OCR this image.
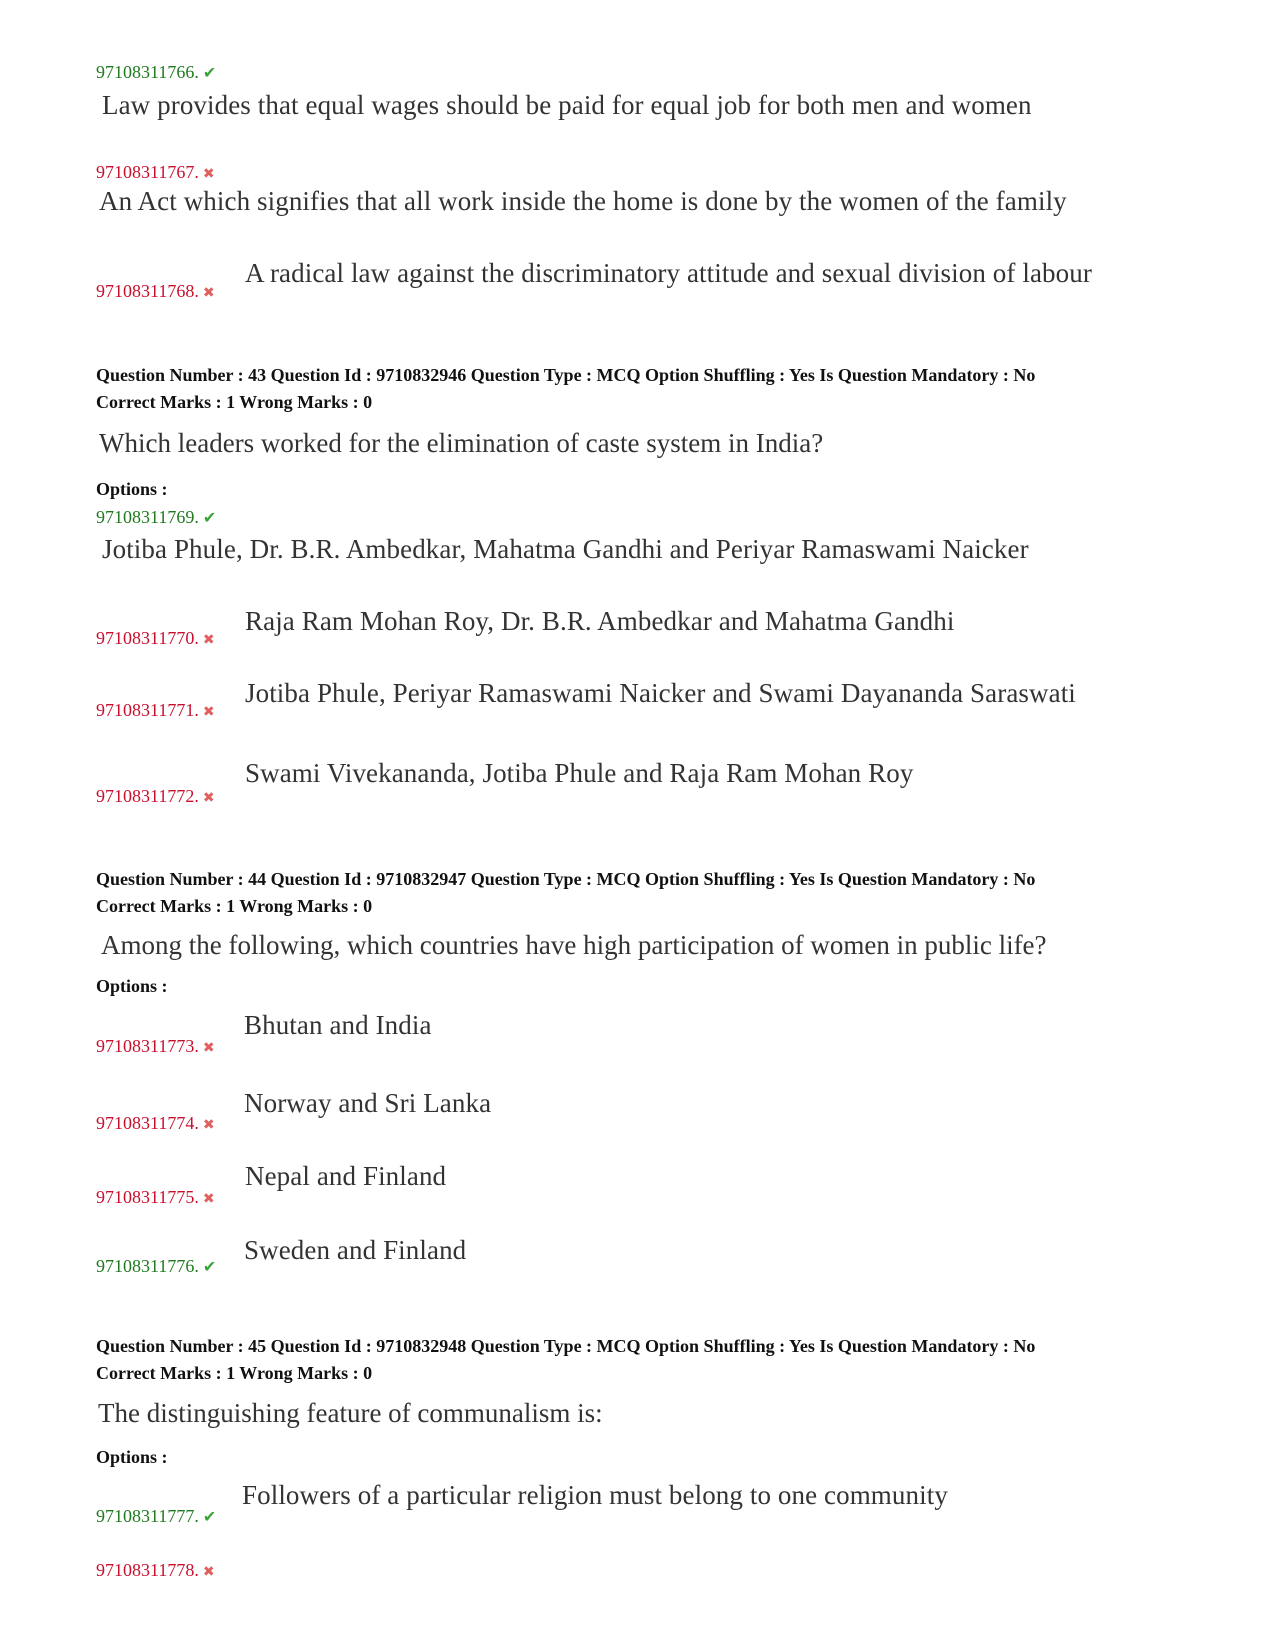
97108311766. ✔
Law provides that equal wages should be paid for equal job for both men and women
97108311767. ✖
An Act which signifies that all work inside the home is done by the women of the family
97108311768. ✖
A radical law against the discriminatory attitude and sexual division of labour
Question Number : 43 Question Id : 9710832946 Question Type : MCQ Option Shuffling : Yes Is Question Mandatory : No
Correct Marks : 1 Wrong Marks : 0
Which leaders worked for the elimination of caste system in India?
Options :
97108311769. ✔
Jotiba Phule, Dr. B.R. Ambedkar, Mahatma Gandhi and Periyar Ramaswami Naicker
97108311770. ✖
Raja Ram Mohan Roy, Dr. B.R. Ambedkar and Mahatma Gandhi
97108311771. ✖
Jotiba Phule, Periyar Ramaswami Naicker and Swami Dayananda Saraswati
97108311772. ✖
Swami Vivekananda, Jotiba Phule and Raja Ram Mohan Roy
Question Number : 44 Question Id : 9710832947 Question Type : MCQ Option Shuffling : Yes Is Question Mandatory : No
Correct Marks : 1 Wrong Marks : 0
Among the following, which countries have high participation of women in public life?
Options :
97108311773. ✖
Bhutan and India
97108311774. ✖
Norway and Sri Lanka
97108311775. ✖
Nepal and Finland
97108311776. ✔
Sweden and Finland
Question Number : 45 Question Id : 9710832948 Question Type : MCQ Option Shuffling : Yes Is Question Mandatory : No
Correct Marks : 1 Wrong Marks : 0
The distinguishing feature of communalism is:
Options :
97108311777. ✔
Followers of a particular religion must belong to one community
97108311778. ✖
